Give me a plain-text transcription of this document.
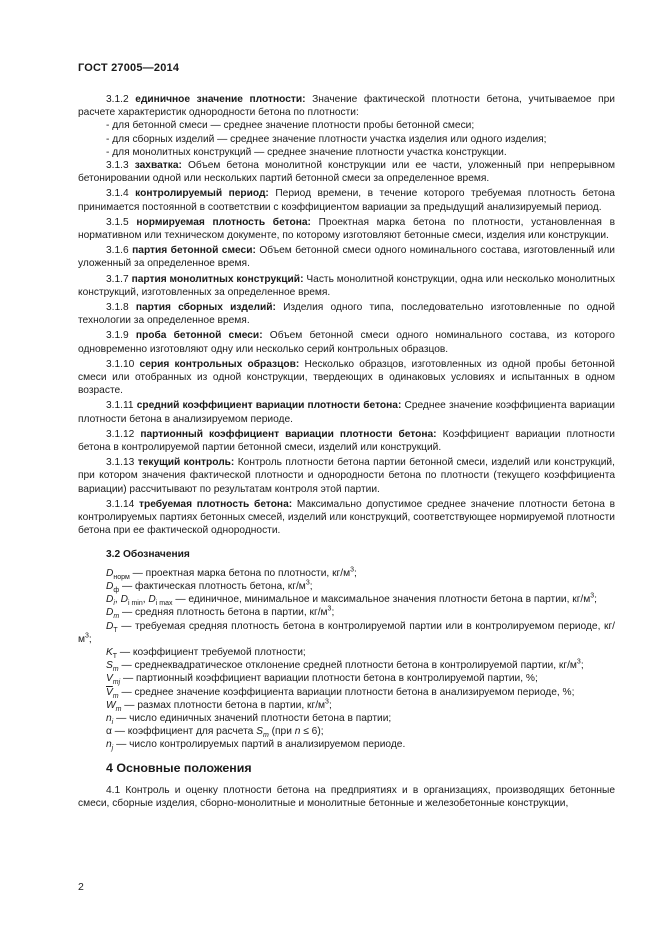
ГОСТ 27005—2014

3.1.2 единичное значение плотности: Значение фактической плотности бетона, учитываемое при расчете характеристик однородности бетона по плотности:

- для бетонной смеси — среднее значение плотности пробы бетонной смеси;

- для сборных изделий — среднее значение плотности участка изделия или одного изделия;

- для монолитных конструкций — среднее значение плотности участка конструкции.

3.1.3 захватка: Объем бетона монолитной конструкции или ее части, уложенный при непрерывном бетонировании одной или нескольких партий бетонной смеси за определенное время.

3.1.4 контролируемый период: Период времени, в течение которого требуемая плотность бетона принимается постоянной в соответствии с коэффициентом вариации за предыдущий анализируемый период.

3.1.5 нормируемая плотность бетона: Проектная марка бетона по плотности, установленная в нормативном или техническом документе, по которому изготовляют бетонные смеси, изделия или конструкции.

3.1.6 партия бетонной смеси: Объем бетонной смеси одного номинального состава, изготовленный или уложенный за определенное время.

3.1.7 партия монолитных конструкций: Часть монолитной конструкции, одна или несколько монолитных конструкций, изготовленных за определенное время.

3.1.8 партия сборных изделий: Изделия одного типа, последовательно изготовленные по одной технологии за определенное время.

3.1.9 проба бетонной смеси: Объем бетонной смеси одного номинального состава, из которого одновременно изготовляют одну или несколько серий контрольных образцов.

3.1.10 серия контрольных образцов: Несколько образцов, изготовленных из одной пробы бетонной смеси или отобранных из одной конструкции, твердеющих в одинаковых условиях и испытанных в одном возрасте.

3.1.11 средний коэффициент вариации плотности бетона: Среднее значение коэффициента вариации плотности бетона в анализируемом периоде.

3.1.12 партионный коэффициент вариации плотности бетона: Коэффициент вариации плотности бетона в контролируемой партии бетонной смеси, изделий или конструкций.

3.1.13 текущий контроль: Контроль плотности бетона партии бетонной смеси, изделий или конструкций, при котором значения фактической плотности и однородности бетона по плотности (текущего коэффициента вариации) рассчитывают по результатам контроля этой партии.

3.1.14 требуемая плотность бетона: Максимально допустимое среднее значение плотности бетона в контролируемых партиях бетонных смесей, изделий или конструкций, соответствующее нормируемой плотности бетона при ее фактической однородности.

3.2 Обозначения

$D_{норм}$ — проектная марка бетона по плотности, $кг/м^3$;

$D_ф$ — фактическая плотность бетона, $кг/м^3$;

$D_i$, $D_{i min}$, $D_{i max}$ — единичное, минимальное и максимальное значения плотности бетона в партии, $кг/м^3$;

$D_m$ — средняя плотность бетона в партии, $кг/м^3$;

$D_T$ — требуемая средняя плотность бетона в контролируемой партии или в контролируемом периоде, $кг/м^3$;

$K_T$ — коэффициент требуемой плотности;

$S_m$ — среднеквадратическое отклонение средней плотности бетона в контролируемой партии, $кг/м^3$;

$V_{mj}$ — партионный коэффициент вариации плотности бетона в контролируемой партии, %;

$\overline{V}_m$ — среднее значение коэффициента вариации плотности бетона в анализируемом периоде, %;

$W_m$ — размах плотности бетона в партии, $кг/м^3$;

$n_i$ — число единичных значений плотности бетона в партии;

α — коэффициент для расчета $S_m$ (при n ≤ 6);

$n_j$ — число контролируемых партий в анализируемом периоде.

4 Основные положения

4.1 Контроль и оценку плотности бетона на предприятиях и в организациях, производящих бетонные смеси, сборные изделия, сборно-монолитные и монолитные бетонные и железобетонные конструкции,

2
